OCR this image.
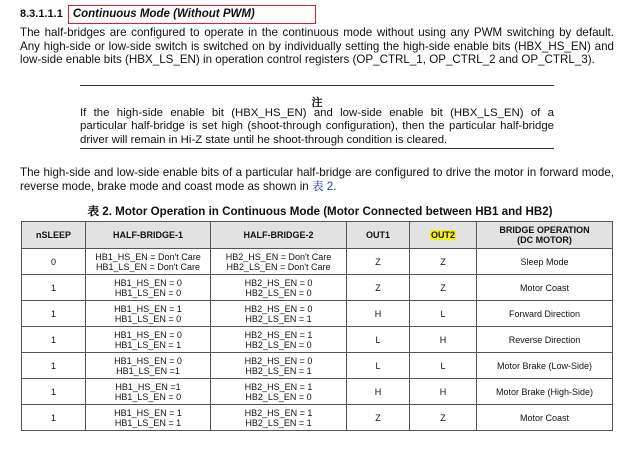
8.3.1.1.1 Continuous Mode (Without PWM)

The half-bridges are configured to operate in the continuous mode without using any PWM switching by default. Any high-side or low-side switch is switched on by individually setting the high-side enable bits (HBX_HS_EN) and low-side enable bits (HBX_LS_EN) in operation control registers (OP_CTRL_1, OP_CTRL_2 and OP_CTRL_3).

注

If the high-side enable bit (HBX_HS_EN) and low-side enable bit (HBX_LS_EN) of a particular half-bridge is set high (shoot-through configuration), then the particular half-bridge driver will remain in Hi-Z state until he shoot-through condition is cleared.

The high-side and low-side enable bits of a particular half-bridge are configured to drive the motor in forward mode, reverse mode, brake mode and coast mode as shown in 表 2.

表 2. Motor Operation in Continuous Mode (Motor Connected between HB1 and HB2)
nSLEEP	HALF-BRIDGE-1	HALF-BRIDGE-2	OUT1	OUT2	BRIDGE OPERATION
(DC MOTOR)

0	HB1_HS_EN = Don't Care
HB1_LS_EN = Don't Care	HB2_HS_EN = Don't Care
HB2_LS_EN = Don't Care	Z	Z	Sleep Mode
1	HB1_HS_EN = 0
HB1_LS_EN = 0	HB2_HS_EN = 0
HB2_LS_EN = 0	Z	Z	Motor Coast
1	HB1_HS_EN = 1
HB1_LS_EN = 0	HB2_HS_EN = 0
HB2_LS_EN = 1	H	L	Forward Direction
1	HB1_HS_EN = 0
HB1_LS_EN = 1	HB2_HS_EN = 1
HB2_LS_EN = 0	L	H	Reverse Direction
1	HB1_HS_EN = 0
HB1_LS_EN =1	HB2_HS_EN = 0
HB2_LS_EN = 1	L	L	Motor Brake (Low-Side)
1	HB1_HS_EN =1
HB1_LS_EN = 0	HB2_HS_EN = 1
HB2_LS_EN = 0	H	H	Motor Brake (High-Side)
1	HB1_HS_EN = 1
HB1_LS_EN = 1	HB2_HS_EN = 1
HB2_LS_EN = 1	Z	Z	Motor Coast
